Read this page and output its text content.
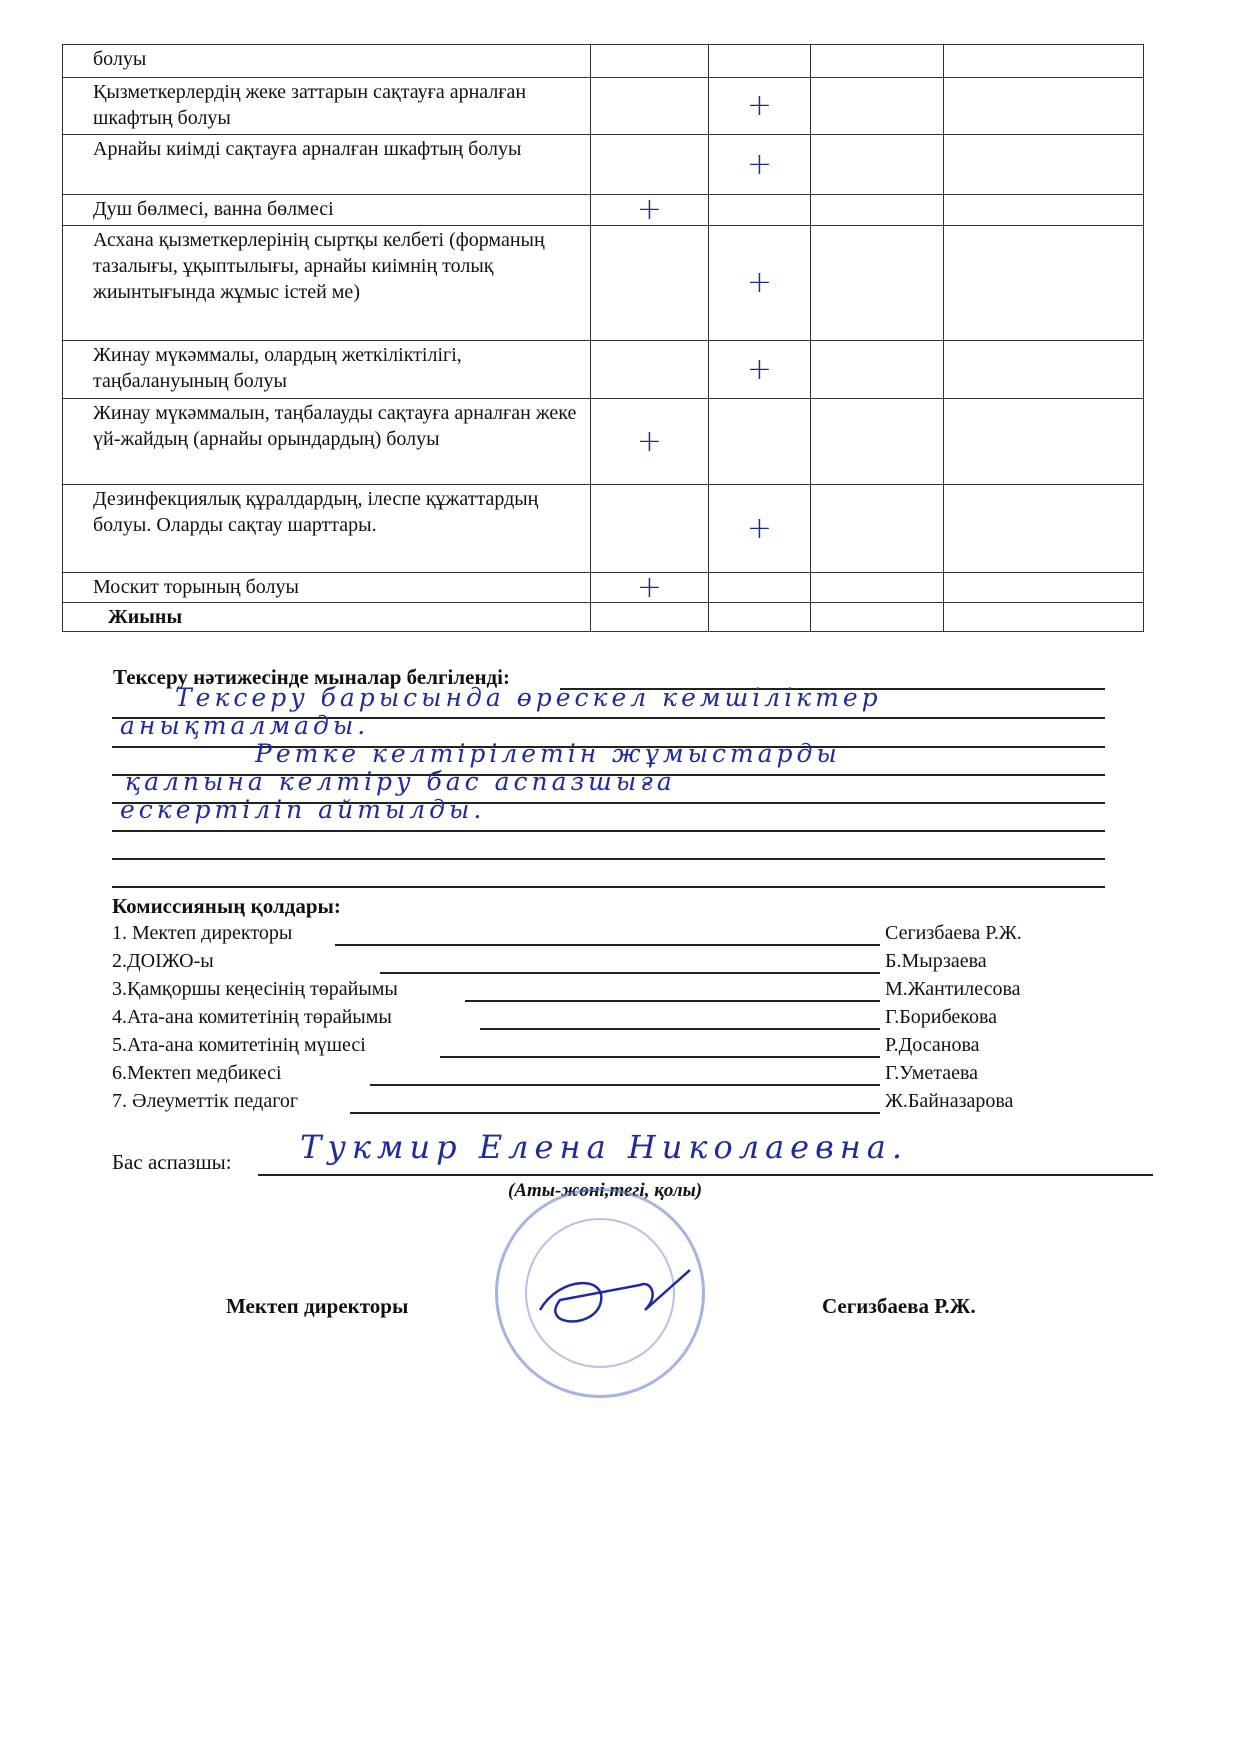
болуы				
Қызметкерлердің жеке заттарын сақтауға арналған шкафтың болуы		+		
Арнайы киімді сақтауға арналған шкафтың болуы		+		
Душ бөлмесі, ванна бөлмесі	+			
Асхана қызметкерлерінің сыртқы келбеті (форманың тазалығы, ұқыптылығы, арнайы киімнің толық жиынтығында жұмыс істей ме)		+		
Жинау мүкәммалы, олардың жеткіліктілігі, таңбалануының болуы		+		
Жинау мүкәммалын, таңбалауды сақтауға арналған жеке үй-жайдың (арнайы орындардың) болуы	+			
Дезинфекциялық құралдардың, ілеспе құжаттардың болуы. Оларды сақтау шарттары.		+		
Москит торының болуы	+			
Жиыны				
Тексеру нәтижесінде мыналар белгіленді:
Тексеру барысында өрескел кемшіліктер
анықталмады.
Ретке келтірілетін жұмыстарды
қалпына келтіру бас аспазшыға
ескертіліп айтылды.
Комиссияның қолдары:
1. Мектеп директоры	Сегизбаева Р.Ж.
2.ДОІЖО-ы	Б.Мырзаева
3.Қамқоршы кеңесінің төрайымы	М.Жантилесова
4.Ата-ана комитетінің төрайымы	Г.Борибекова
5.Ата-ана комитетінің мүшесі	Р.Досанова
6.Мектеп медбикесі	Г.Уметаева
7. Әлеуметтік педагог	Ж.Байназарова
Бас аспазшы: Тукмир Елена Николаевна.
(Аты-жөні,тегі, қолы)
Мектеп директоры	Сегизбаева Р.Ж.
